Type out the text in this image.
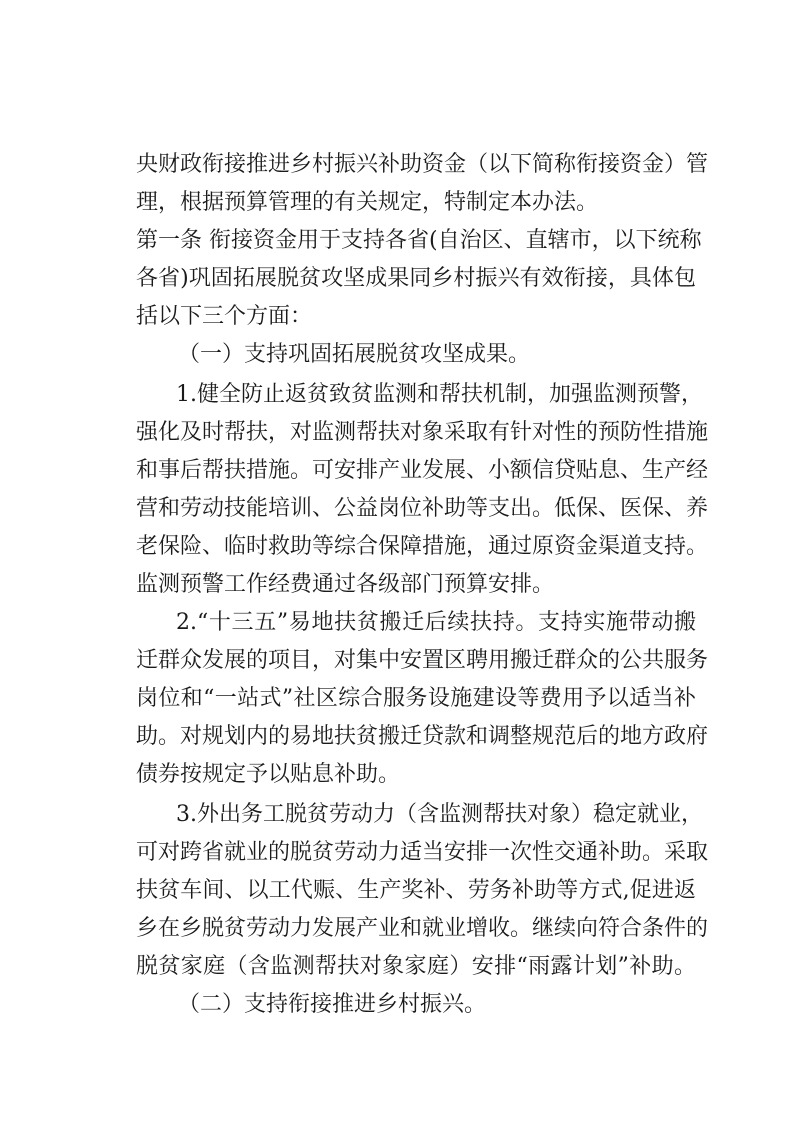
央财政衔接推进乡村振兴补助资金（以下简称衔接资金）管
理，根据预算管理的有关规定，特制定本办法。
第一条 衔接资金用于支持各省(自治区、直辖市，以下统称
各省)巩固拓展脱贫攻坚成果同乡村振兴有效衔接，具体包
括以下三个方面：
（一）支持巩固拓展脱贫攻坚成果。
1.健全防止返贫致贫监测和帮扶机制，加强监测预警，
强化及时帮扶，对监测帮扶对象采取有针对性的预防性措施
和事后帮扶措施。可安排产业发展、小额信贷贴息、生产经
营和劳动技能培训、公益岗位补助等支出。低保、医保、养
老保险、临时救助等综合保障措施，通过原资金渠道支持。
监测预警工作经费通过各级部门预算安排。
2.“十三五”易地扶贫搬迁后续扶持。支持实施带动搬
迁群众发展的项目，对集中安置区聘用搬迁群众的公共服务
岗位和“一站式”社区综合服务设施建设等费用予以适当补
助。对规划内的易地扶贫搬迁贷款和调整规范后的地方政府
债券按规定予以贴息补助。
3.外出务工脱贫劳动力（含监测帮扶对象）稳定就业，
可对跨省就业的脱贫劳动力适当安排一次性交通补助。采取
扶贫车间、以工代赈、生产奖补、劳务补助等方式,促进返
乡在乡脱贫劳动力发展产业和就业增收。继续向符合条件的
脱贫家庭（含监测帮扶对象家庭）安排“雨露计划”补助。
（二）支持衔接推进乡村振兴。
